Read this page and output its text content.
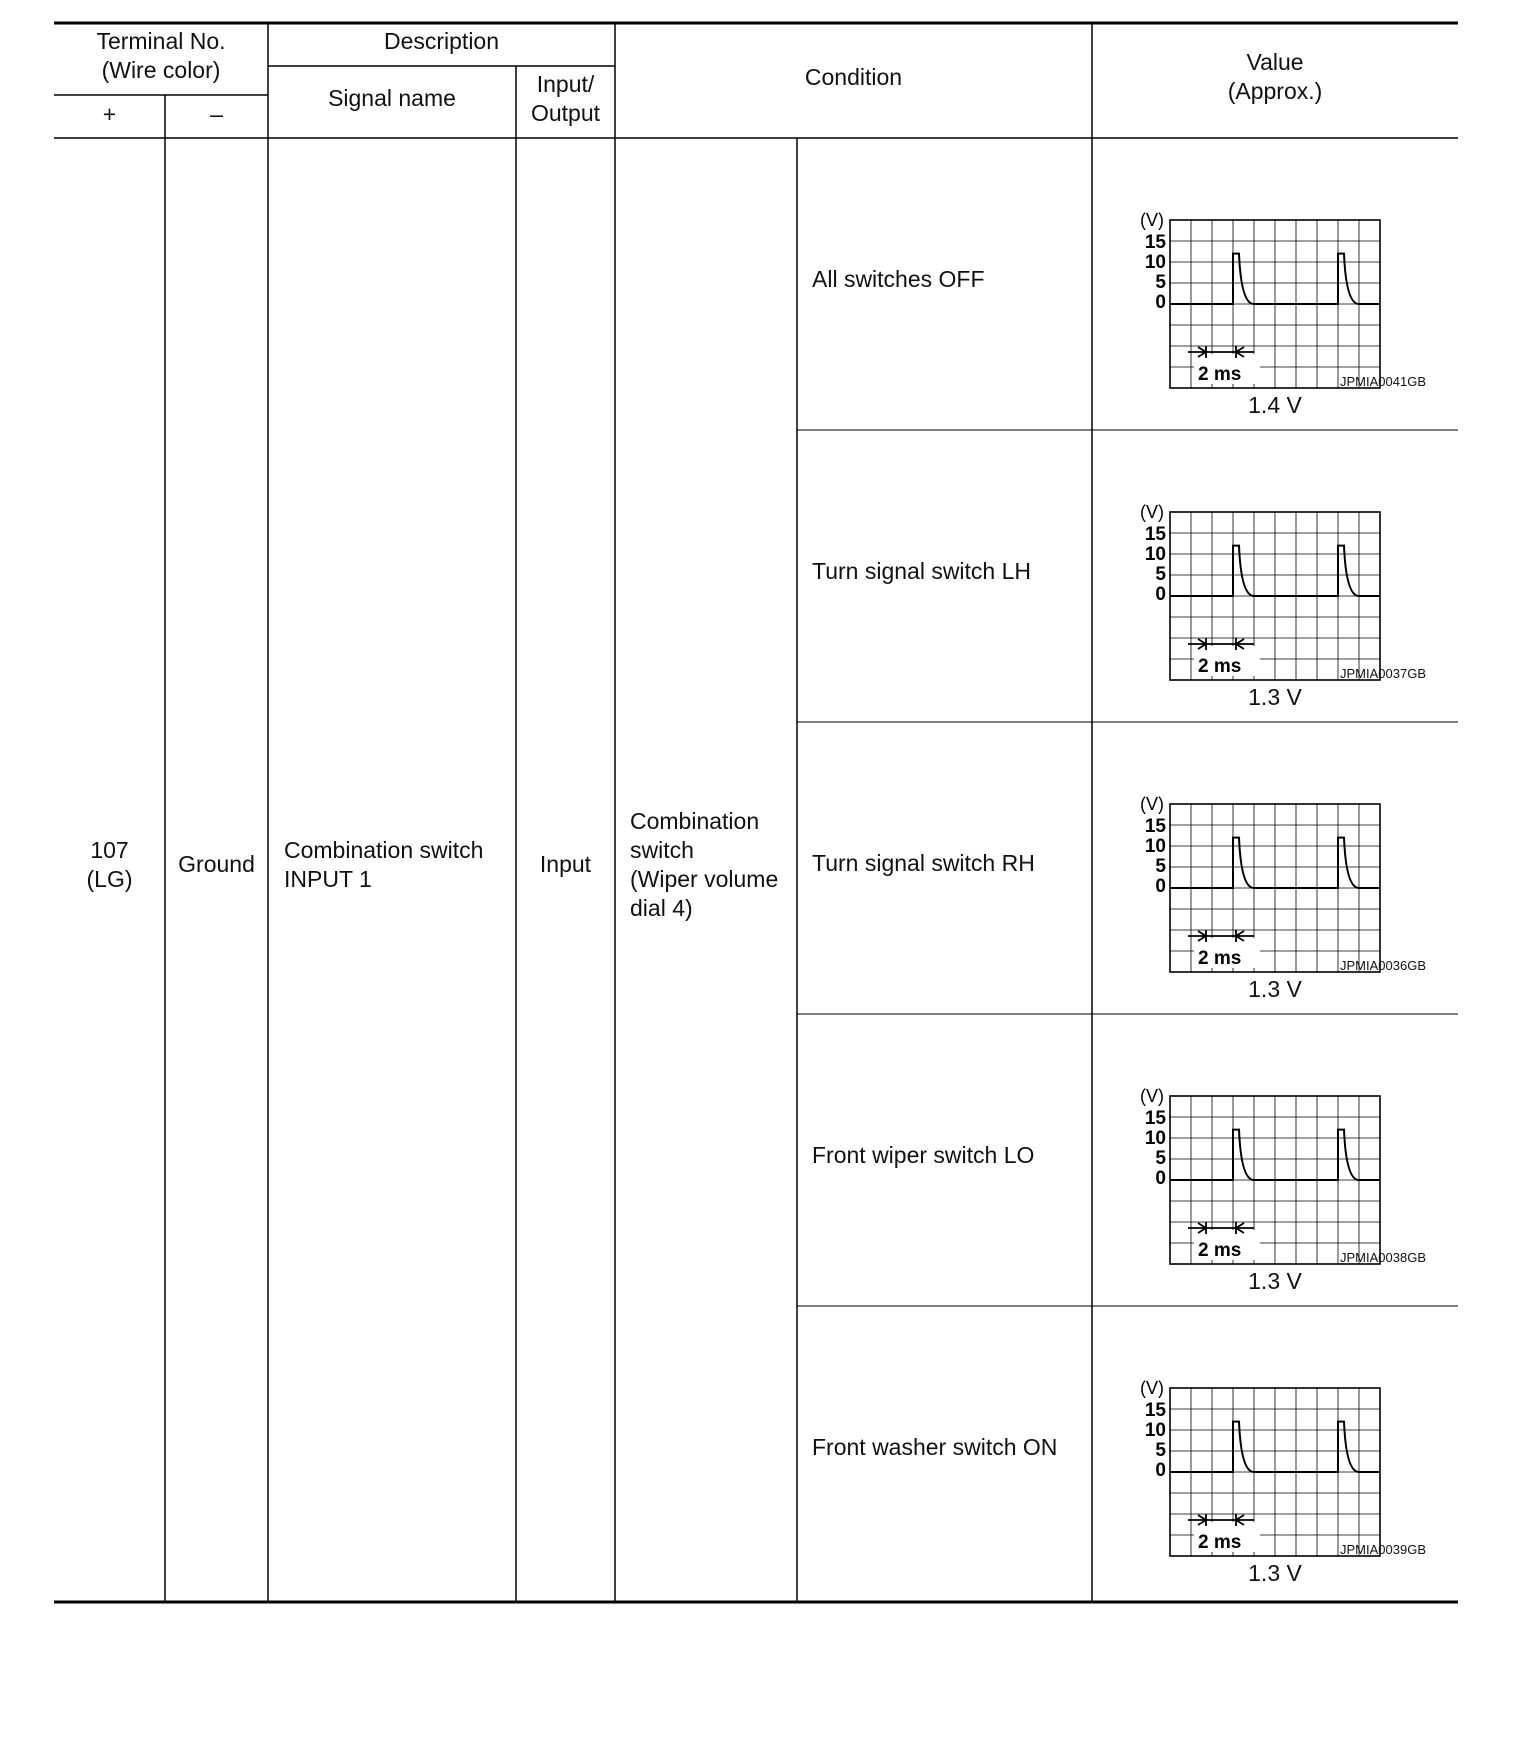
Terminal No.
(Wire color)
+	–
Description
Signal name
Input/
Output
Condition
Value
(Approx.)
107
(LG)
Ground
Combination switch
INPUT 1
Input
Combination
switch
(Wiper volume
dial 4)
All switches OFF
2 ms
(V)
15
10
5
0
JPMIA0041GB
1.4 V
Turn signal switch LH
2 ms
(V)
15
10
5
0
JPMIA0037GB
1.3 V
Turn signal switch RH
2 ms
(V)
15
10
5
0
JPMIA0036GB
1.3 V
Front wiper switch LO
2 ms
(V)
15
10
5
0
JPMIA0038GB
1.3 V
Front washer switch ON
2 ms
(V)
15
10
5
0
JPMIA0039GB
1.3 V
